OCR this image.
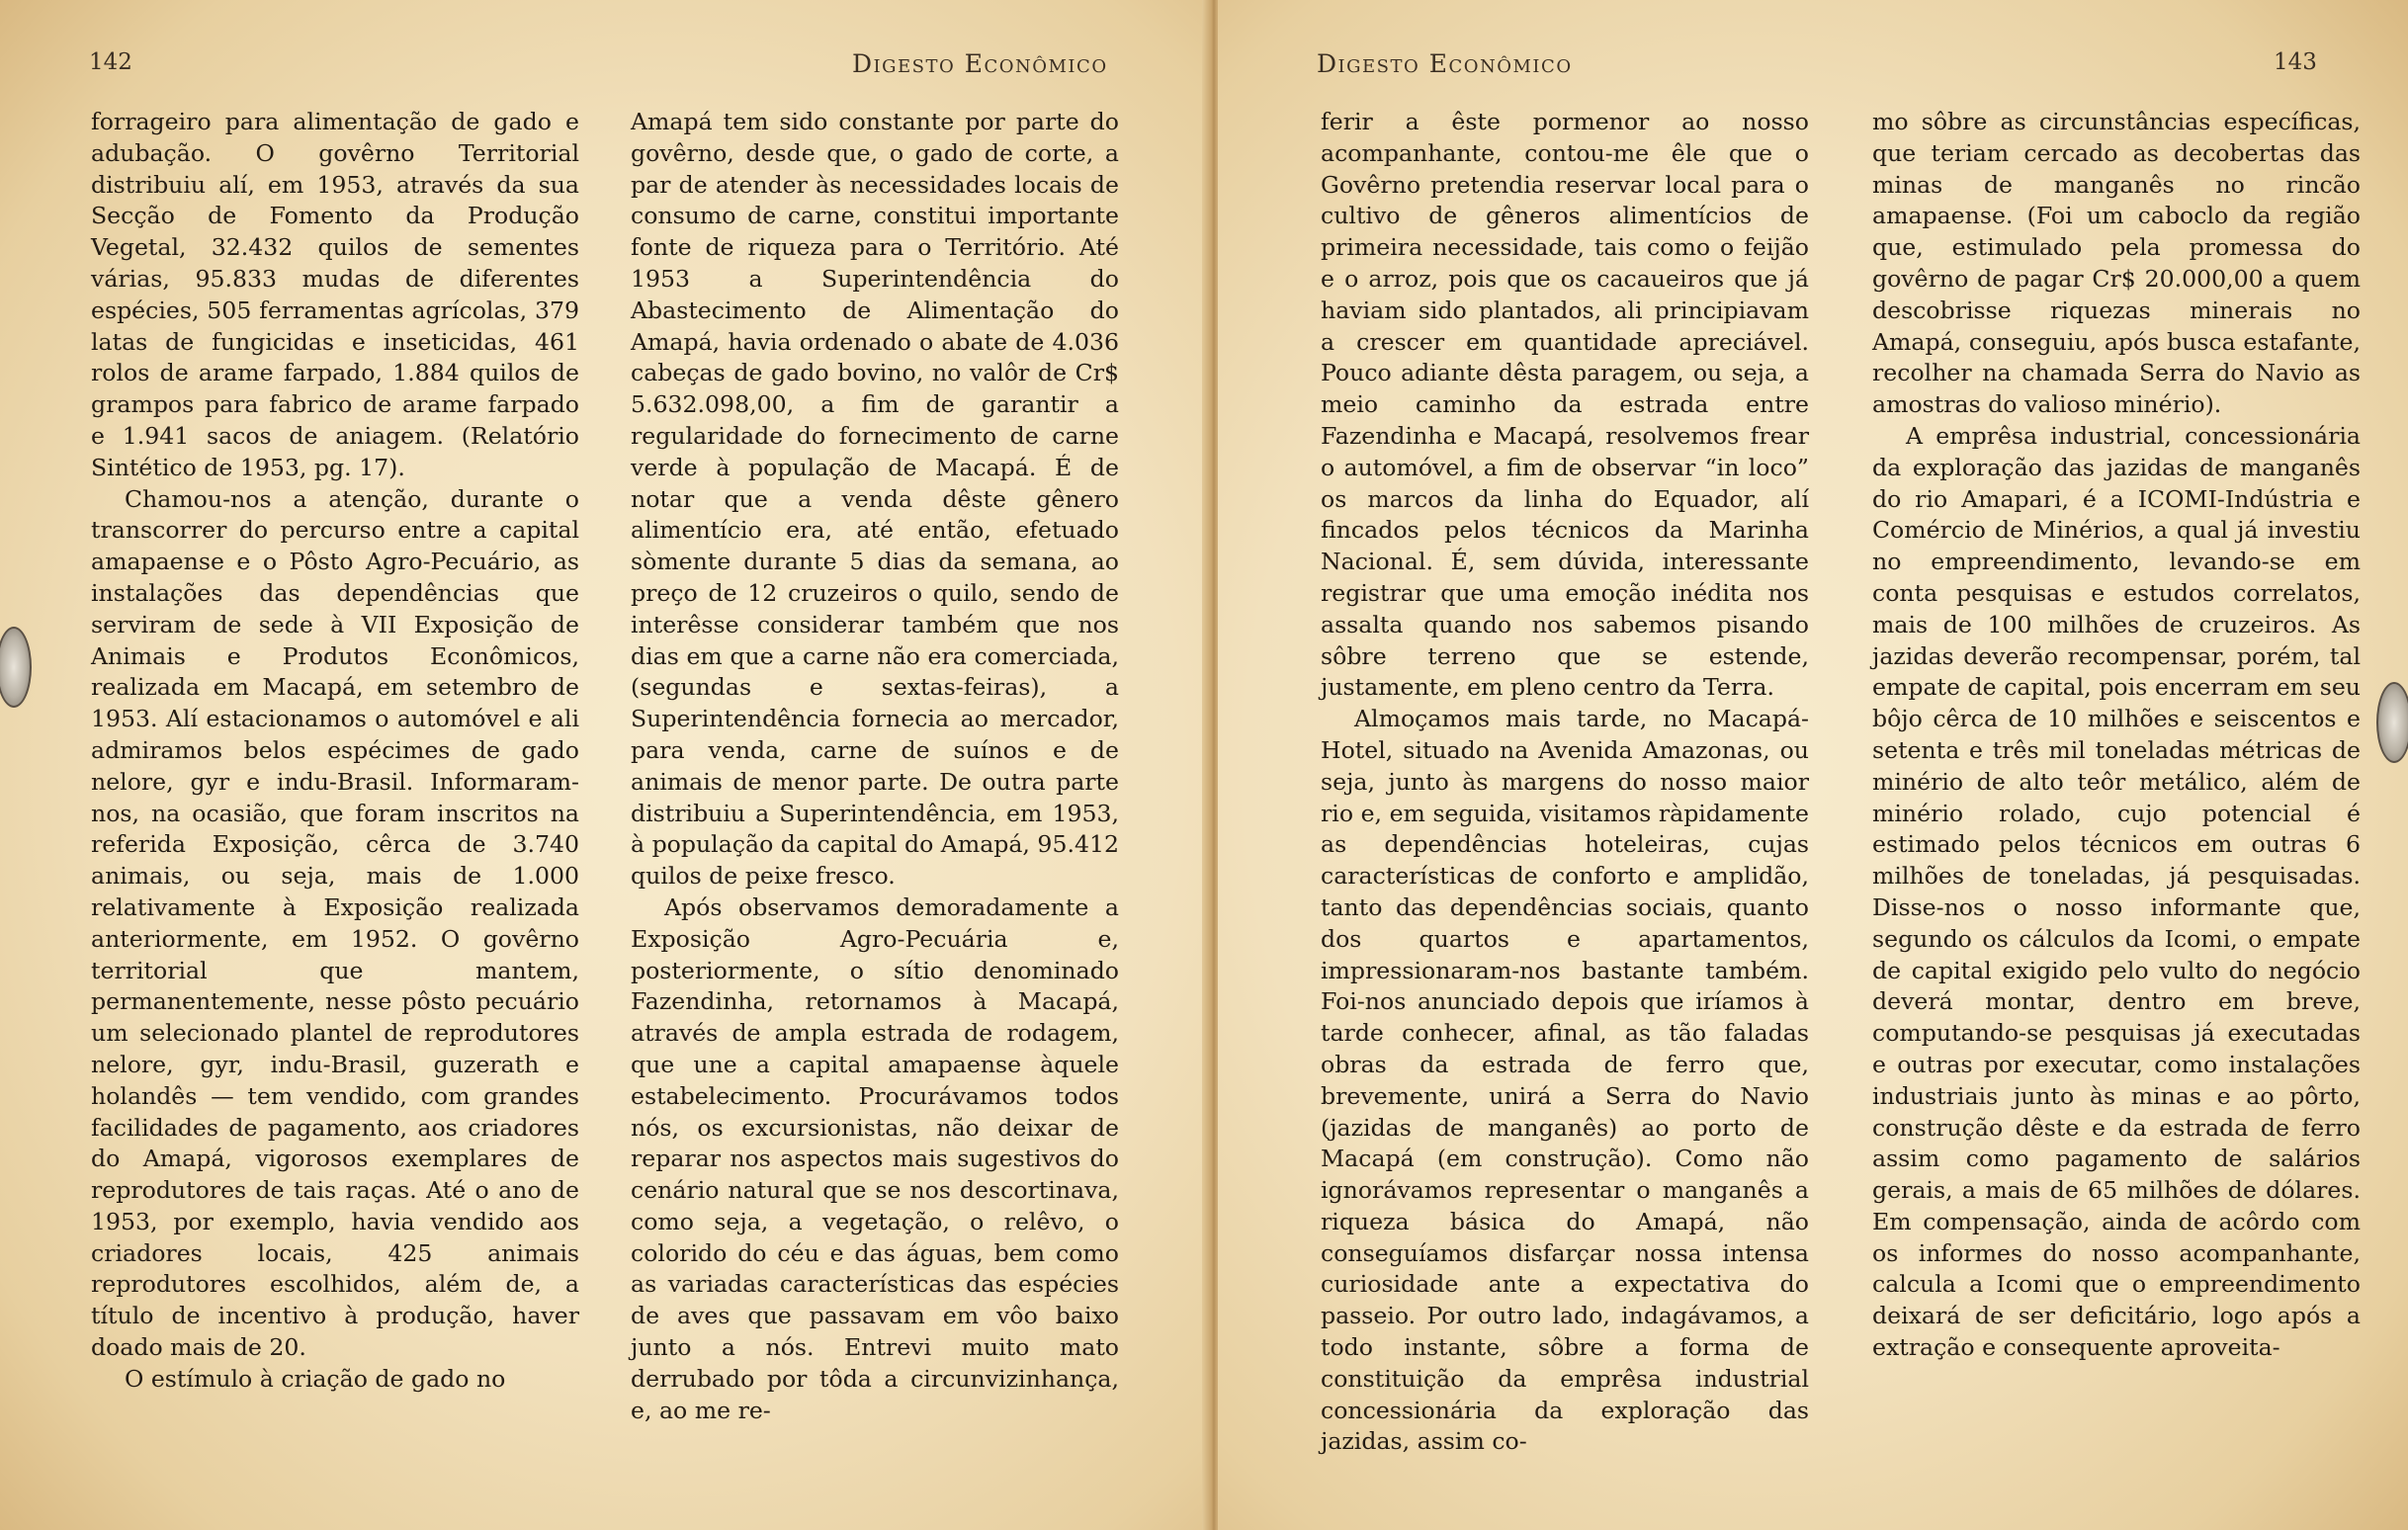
142	Digesto Econômico

forrageiro para alimentação de gado e adubação. O govêrno Territorial distribuiu alí, em 1953, através da sua Secção de Fomento da Produção Vegetal, 32.432 quilos de sementes várias, 95.833 mudas de diferentes espécies, 505 ferramentas agrícolas, 379 latas de fungicidas e inseticidas, 461 rolos de arame farpado, 1.884 quilos de grampos para fabrico de arame farpado e 1.941 sacos de aniagem. (Relatório Sintético de 1953, pg. 17).

Chamou-nos a atenção, durante o transcorrer do percurso entre a capital amapaense e o Pôsto Agro-Pecuário, as instalações das dependências que serviram de sede à VII Exposição de Animais e Produtos Econômicos, realizada em Macapá, em setembro de 1953. Alí estacionamos o automóvel e ali admiramos belos espécimes de gado nelore, gyr e indu-Brasil. Informaram-nos, na ocasião, que foram inscritos na referida Exposição, cêrca de 3.740 animais, ou seja, mais de 1.000 relativamente à Exposição realizada anteriormente, em 1952. O govêrno territorial que mantem, permanentemente, nesse pôsto pecuário um selecionado plantel de reprodutores nelore, gyr, indu-Brasil, guzerath e holandês — tem vendido, com grandes facilidades de pagamento, aos criadores do Amapá, vigorosos exemplares de reprodutores de tais raças. Até o ano de 1953, por exemplo, havia vendido aos criadores locais, 425 animais reprodutores escolhidos, além de, a título de incentivo à produção, haver doado mais de 20.

O estímulo à criação de gado no

Amapá tem sido constante por parte do govêrno, desde que, o gado de corte, a par de atender às necessidades locais de consumo de carne, constitui importante fonte de riqueza para o Território. Até 1953 a Superintendência do Abastecimento de Alimentação do Amapá, havia ordenado o abate de 4.036 cabeças de gado bovino, no valôr de Cr$ 5.632.098,00, a fim de garantir a regularidade do fornecimento de carne verde à população de Macapá. É de notar que a venda dêste gênero alimentício era, até então, efetuado sòmente durante 5 dias da semana, ao preço de 12 cruzeiros o quilo, sendo de interêsse considerar também que nos dias em que a carne não era comerciada, (segundas e sextas-feiras), a Superintendência fornecia ao mercador, para venda, carne de suínos e de animais de menor parte. De outra parte distribuiu a Superintendência, em 1953, à população da capital do Amapá, 95.412 quilos de peixe fresco.

Após observamos demoradamente a Exposição Agro-Pecuária e, posteriormente, o sítio denominado Fazendinha, retornamos à Macapá, através de ampla estrada de rodagem, que une a capital amapaense àquele estabelecimento. Procurávamos todos nós, os excursionistas, não deixar de reparar nos aspectos mais sugestivos do cenário natural que se nos descortinava, como seja, a vegetação, o relêvo, o colorido do céu e das águas, bem como as variadas características das espécies de aves que passavam em vôo baixo junto a nós. Entrevi muito mato derrubado por tôda a circunvizinhança, e, ao me re-

Digesto Econômico	143

ferir a êste pormenor ao nosso acompanhante, contou-me êle que o Govêrno pretendia reservar local para o cultivo de gêneros alimentícios de primeira necessidade, tais como o feijão e o arroz, pois que os cacaueiros que já haviam sido plantados, ali principiavam a crescer em quantidade apreciável. Pouco adiante dêsta paragem, ou seja, a meio caminho da estrada entre Fazendinha e Macapá, resolvemos frear o automóvel, a fim de observar “in loco” os marcos da linha do Equador, alí fincados pelos técnicos da Marinha Nacional. É, sem dúvida, interessante registrar que uma emoção inédita nos assalta quando nos sabemos pisando sôbre terreno que se estende, justamente, em pleno centro da Terra.

Almoçamos mais tarde, no Macapá-Hotel, situado na Avenida Amazonas, ou seja, junto às margens do nosso maior rio e, em seguida, visitamos ràpidamente as dependências hoteleiras, cujas características de conforto e amplidão, tanto das dependências sociais, quanto dos quartos e apartamentos, impressionaram-nos bastante também. Foi-nos anunciado depois que iríamos à tarde conhecer, afinal, as tão faladas obras da estrada de ferro que, brevemente, unirá a Serra do Navio (jazidas de manganês) ao porto de Macapá (em construção). Como não ignorávamos representar o manganês a riqueza básica do Amapá, não conseguíamos disfarçar nossa intensa curiosidade ante a expectativa do passeio. Por outro lado, indagávamos, a todo instante, sôbre a forma de constituição da emprêsa industrial concessionária da exploração das jazidas, assim co-

mo sôbre as circunstâncias específicas, que teriam cercado as decobertas das minas de manganês no rincão amapaense. (Foi um caboclo da região que, estimulado pela promessa do govêrno de pagar Cr$ 20.000,00 a quem descobrisse riquezas minerais no Amapá, conseguiu, após busca estafante, recolher na chamada Serra do Navio as amostras do valioso minério).

A emprêsa industrial, concessionária da exploração das jazidas de manganês do rio Amapari, é a ICOMI-Indústria e Comércio de Minérios, a qual já investiu no empreendimento, levando-se em conta pesquisas e estudos correlatos, mais de 100 milhões de cruzeiros. As jazidas deverão recompensar, porém, tal empate de capital, pois encerram em seu bôjo cêrca de 10 milhões e seiscentos e setenta e três mil toneladas métricas de minério de alto teôr metálico, além de minério rolado, cujo potencial é estimado pelos técnicos em outras 6 milhões de toneladas, já pesquisadas. Disse-nos o nosso informante que, segundo os cálculos da Icomi, o empate de capital exigido pelo vulto do negócio deverá montar, dentro em breve, computando-se pesquisas já executadas e outras por executar, como instalações industriais junto às minas e ao pôrto, construção dêste e da estrada de ferro assim como pagamento de salários gerais, a mais de 65 milhões de dólares. Em compensação, ainda de acôrdo com os informes do nosso acompanhante, calcula a Icomi que o empreendimento deixará de ser deficitário, logo após a extração e consequente aproveita-
